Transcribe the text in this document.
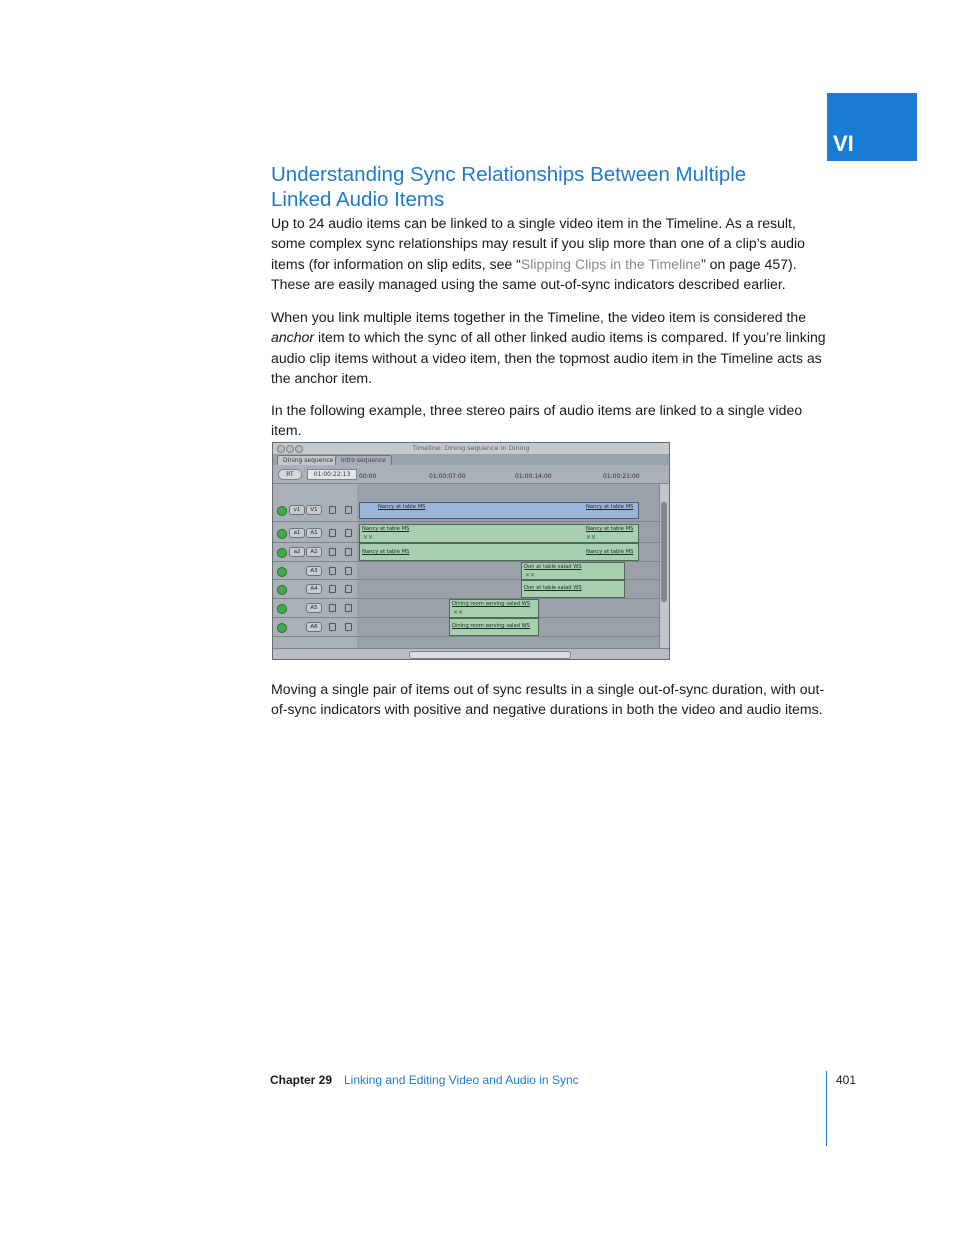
VI
Understanding Sync Relationships Between Multiple Linked Audio Items
Up to 24 audio items can be linked to a single video item in the Timeline. As a result, some complex sync relationships may result if you slip more than one of a clip’s audio items (for information on slip edits, see “Slipping Clips in the Timeline” on page 457). These are easily managed using the same out-of-sync indicators described earlier.
When you link multiple items together in the Timeline, the video item is considered the anchor item to which the sync of all other linked audio items is compared. If you’re linking audio clip items without a video item, then the topmost audio item in the Timeline acts as the anchor item.
In the following example, three stereo pairs of audio items are linked to a single video item.
Timeline: Dining sequence in Dining
Dining sequence	Intro sequence
RT	01:00:22:13	00:00	01:00:07:00	01:00:14:00	01:00:21:00
v1	V1	Nancy at table MS	Nancy at table MS
a1	A1
Nancy at table MS	Nancy at table MS
✕✕	✕✕
a2	A2	Nancy at table MS	Nancy at table MS
A3
Don at table salad WS
✕✕
A4	Don at table salad WS
A5
Dining room serving salad WS
✕✕
A6	Dining room serving salad WS
Moving a single pair of items out of sync results in a single out-of-sync duration, with out-of-sync indicators with positive and negative durations in both the video and audio items.
Chapter 29 Linking and Editing Video and Audio in Sync	401
